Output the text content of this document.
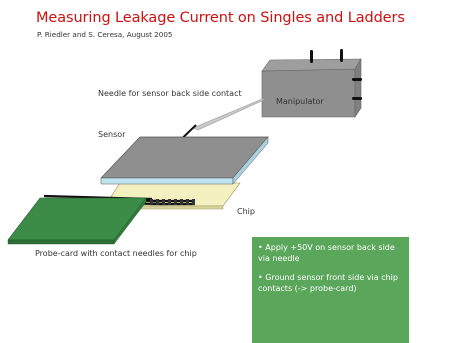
Measuring Leakage Current on Singles and Ladders
P. Riedler and S. Ceresa, August 2005
Needle for sensor back side contact
Manipulator
Sensor
Chip
Probe-card with contact needles for chip
• Apply +50V on sensor back side via needle
• Ground sensor front side via chip contacts (-> probe-card)
